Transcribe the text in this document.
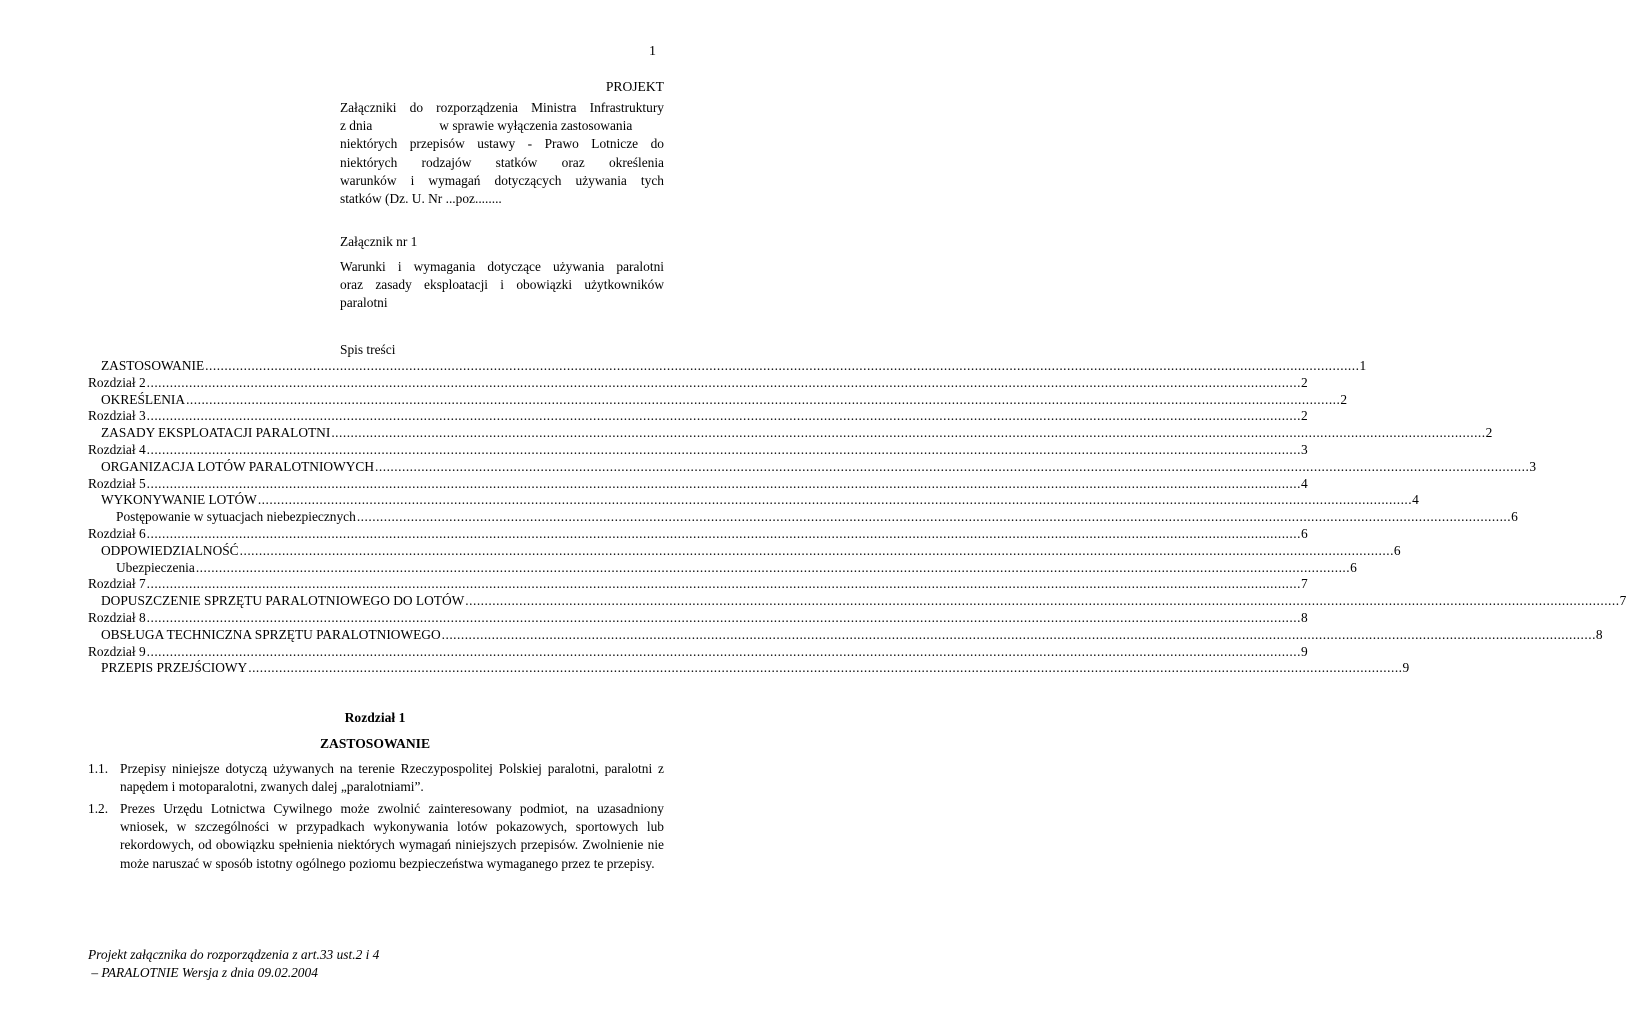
1
PROJEKT
Załączniki do rozporządzenia Ministra Infrastruktury
z dnia                    w sprawie wyłączenia zastosowania
niektórych przepisów ustawy - Prawo Lotnicze do
niektórych rodzajów statków oraz określenia
warunków i wymagań dotyczących używania tych
statków (Dz. U. Nr ...poz........
Załącznik nr 1
Warunki i wymagania dotyczące używania paralotni
oraz zasady eksploatacji i obowiązki użytkowników
paralotni
Spis treści
ZASTOSOWANIE ............................................................................................................................................................................................................................................................................................................ 1
Rozdział 2 ............................................................................................................................................................................................................................................................................................................ 2
OKREŚLENIA ............................................................................................................................................................................................................................................................................................................ 2
Rozdział 3 ............................................................................................................................................................................................................................................................................................................ 2
ZASADY EKSPLOATACJI PARALOTNI ............................................................................................................................................................................................................................................................................................................ 2
Rozdział 4 ............................................................................................................................................................................................................................................................................................................ 3
ORGANIZACJA LOTÓW PARALOTNIOWYCH ............................................................................................................................................................................................................................................................................................................ 3
Rozdział 5 ............................................................................................................................................................................................................................................................................................................ 4
WYKONYWANIE LOTÓW ............................................................................................................................................................................................................................................................................................................ 4
Postępowanie w sytuacjach niebezpiecznych ............................................................................................................................................................................................................................................................................................................ 6
Rozdział 6 ............................................................................................................................................................................................................................................................................................................ 6
ODPOWIEDZIALNOŚĆ ............................................................................................................................................................................................................................................................................................................ 6
Ubezpieczenia ............................................................................................................................................................................................................................................................................................................ 6
Rozdział 7 ............................................................................................................................................................................................................................................................................................................ 7
DOPUSZCZENIE SPRZĘTU PARALOTNIOWEGO DO LOTÓW ............................................................................................................................................................................................................................................................................................................ 7
Rozdział 8 ............................................................................................................................................................................................................................................................................................................ 8
OBSŁUGA TECHNICZNA SPRZĘTU PARALOTNIOWEGO ............................................................................................................................................................................................................................................................................................................ 8
Rozdział 9 ............................................................................................................................................................................................................................................................................................................ 9
PRZEPIS PRZEJŚCIOWY ............................................................................................................................................................................................................................................................................................................ 9
Rozdział 1
ZASTOSOWANIE
1.1. Przepisy niniejsze dotyczą używanych na terenie Rzeczypospolitej Polskiej paralotni, paralotni z napędem i motoparalotni, zwanych dalej „paralotniami”.
1.2. Prezes Urzędu Lotnictwa Cywilnego może zwolnić zainteresowany podmiot, na uzasadniony wniosek, w szczególności w przypadkach wykonywania lotów pokazowych, sportowych lub rekordowych, od obowiązku spełnienia niektórych wymagań niniejszych przepisów. Zwolnienie nie może naruszać w sposób istotny ogólnego poziomu bezpieczeństwa wymaganego przez te przepisy.
Projekt załącznika do rozporządzenia z art.33 ust.2 i 4
– PARALOTNIE Wersja z dnia 09.02.2004
